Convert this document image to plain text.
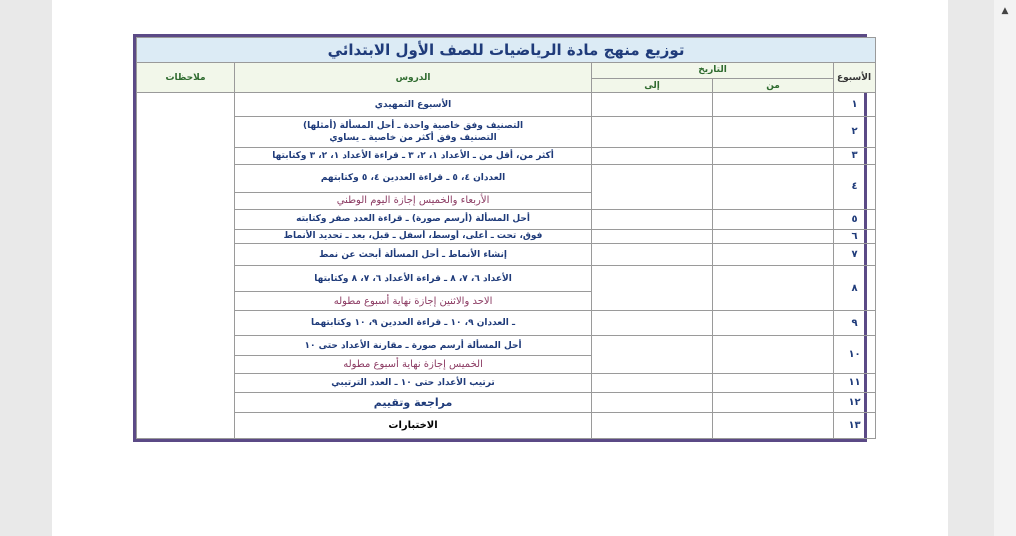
▲
توزيع منهج مادة الرياضيات للصف الأول الابتدائي				
الأسبوع	التاريخ		الدروس	ملاحظات
	من	إلى		
١			الأسبوع التمهيدي	
٢			التصنيف وفق خاصية واحدة ـ أحل المسألة (أمثلها)
التصنيف وفق أكثر من خاصية ـ يساوي	

٣			أكثر من، أقل من ـ الأعداد ١، ٢، ٣ ـ قراءة الأعداد ١، ٢، ٣ وكتابتها	
٤			العددان ٤، ٥ ـ قراءة العددين ٤، ٥ وكتابتهم	
			الأربعاء والخميس إجازة اليوم الوطني	
٥			أحل المسألة (أرسم صورة) ـ قراءة العدد صفر وكتابته	
٦			فوق، تحت ـ أعلى، أوسط، أسفل ـ قبل، بعد ـ تحديد الأنماط	
٧			إنشاء الأنماط ـ أحل المسألة أبحث عن نمط	
٨			الأعداد ٦، ٧، ٨ ـ قراءة الأعداد ٦، ٧، ٨ وكتابتها	
			الاحد والاثنين إجازة نهاية أسبوع مطوله	
٩			ـ العددان ٩، ١٠ ـ قراءة العددين ٩، ١٠ وكتابتهما	
١٠			أحل المسألة أرسم صورة ـ مقارنة الأعداد حتى ١٠	
			الخميس إجازة نهاية أسبوع مطوله	
١١			ترتيب الأعداد حتى ١٠ ـ العدد الترتيبي	
١٢			مراجعة وتقييم	
١٣			الاختبارات	
